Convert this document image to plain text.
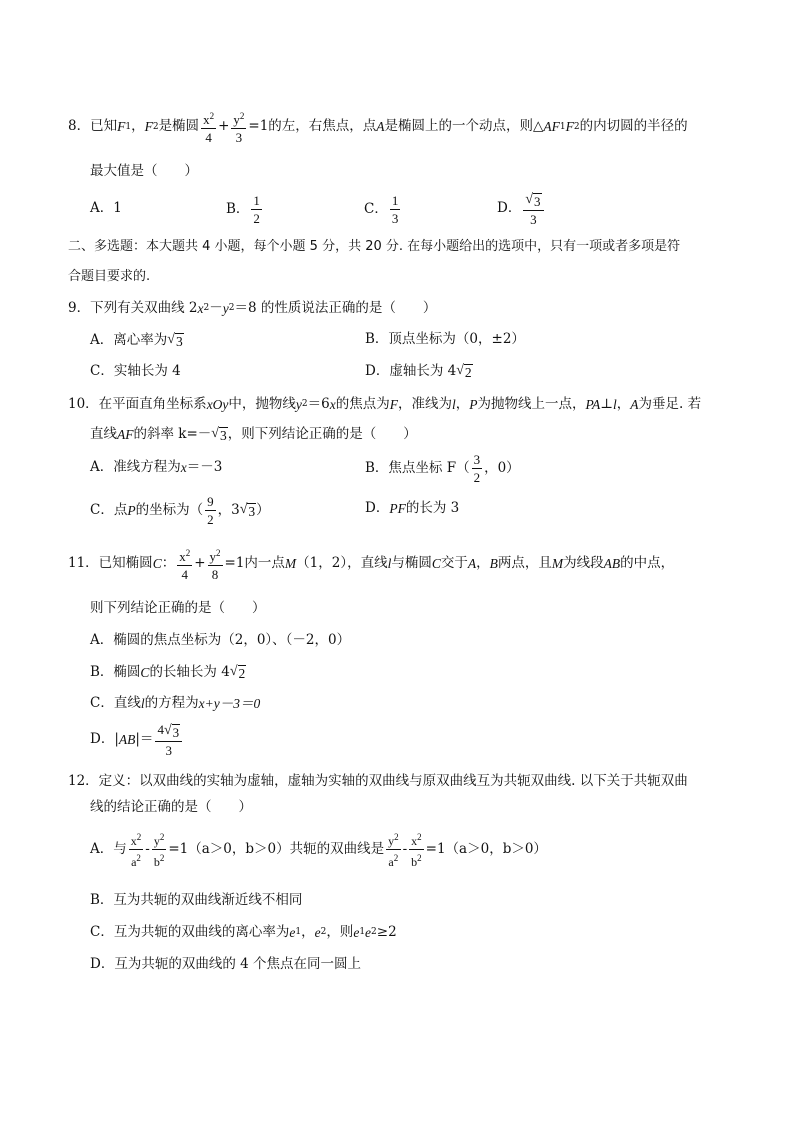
8． 已知 F 1 ， F 2 是椭圆 $\frac{x^2}{4} + \frac{y^2}{3} = 1$ 的左，右焦点，点 A 是椭圆上的一个动点，则△ AF 1 F 2 的内切圆的半径的
最大值是（　　）
A．1	B． $\frac{1}{2}$	C． $\frac{1}{3}$	D． $\frac{√ 3}{3}$
二、多选题：本大题共 4 小题，每个小题 5 分，共 20 分. 在每小题给出的选项中，只有一项或者多项是符
合题目要求的.
9．下列有关双曲线 2 x 2 － y 2 ＝8 的性质说法正确的是（　　）
A．离心率为 √ 3	B．顶点坐标为（0，±2）
C．实轴长为 4	D．虚轴长为 4 √ 2
10．在平面直角坐标系 xOy 中，抛物线 y 2 ＝6 x 的焦点为 F ，准线为 l ， P 为抛物线上一点， PA ⊥ l ， A 为垂足. 若
直线 AF 的斜率 k=－ √ 3 ，则下列结论正确的是（　　）
A．准线方程为 x ＝－3	B．焦点坐标 $F( \frac{3}{2}$ ，0）
C．点 P 的坐标为（ $\frac{9}{2}$ ，3 √ 3 ）	D． PF 的长为 3
11．已知椭圆 C ： $\frac{x^2}{4} + \frac{y^2}{8} =1$ 内一点 M （1，2），直线 l 与椭圆 C 交于 A ， B 两点，且 M 为线段 AB 的中点，
则下列结论正确的是（　　）
A．椭圆的焦点坐标为（2，0）、（－2，0）
B．椭圆 C 的长轴长为 4 √ 2
C．直线 l 的方程为 x+y－3＝0
D．| AB |＝ $\frac{4 √ 3}{3}$
12．定义：以双曲线的实轴为虚轴，虚轴为实轴的双曲线与原双曲线互为共轭双曲线. 以下关于共轭双曲
线的结论正确的是（　　）
A．与 $\frac{x^2}{a^2} - \frac{y^2}{b^2} =1(a>0$，b＞0） 共轭的双曲线是 $\frac{y^2}{a^2} - \frac{x^2}{b^2} =1(a>0$，b＞0）
B．互为共轭的双曲线渐近线不相同
C．互为共轭的双曲线的离心率为 e 1 ， e 2 ，则 e 1 e 2 ≥2
D．互为共轭的双曲线的 4 个焦点在同一圆上
